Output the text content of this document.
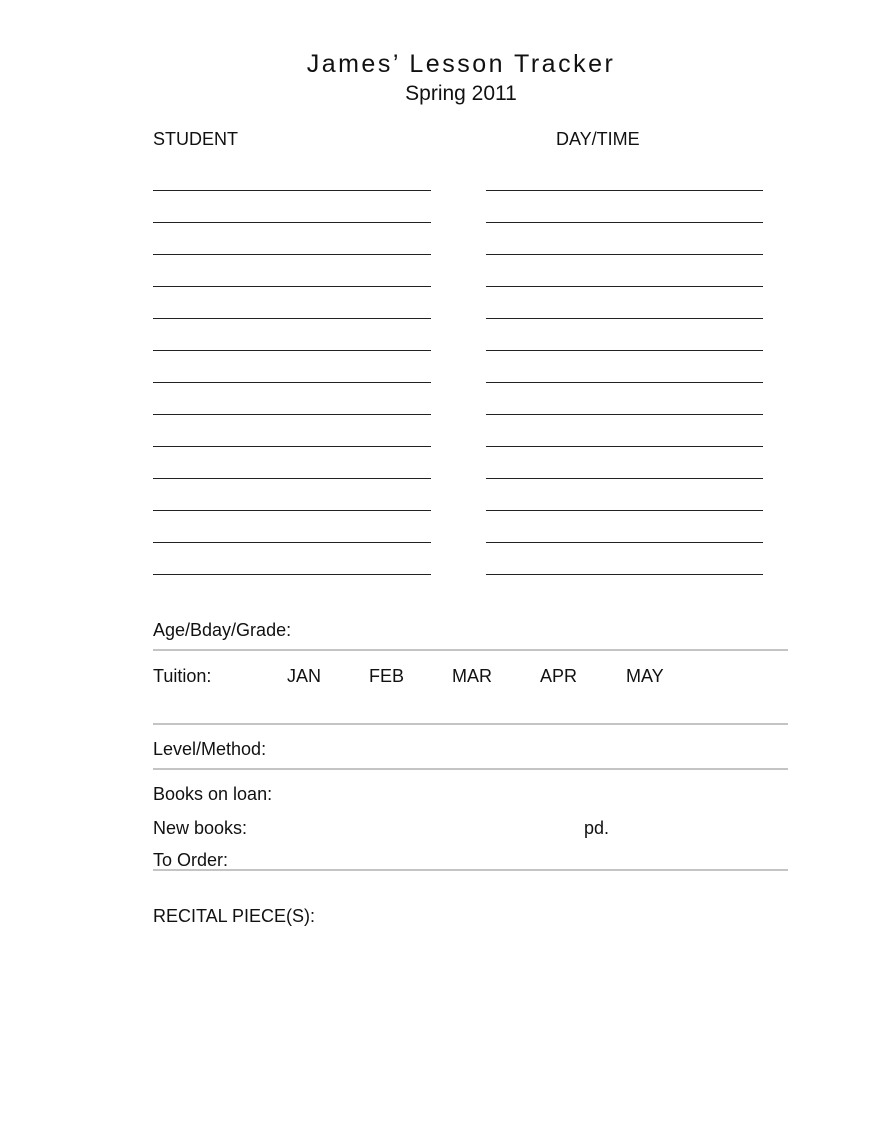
James’ Lesson Tracker
Spring 2011
STUDENT	DAY/TIME
Age/Bday/Grade:
Tuition:	JAN	FEB	MAR	APR	MAY
Level/Method:
Books on loan:
New books:	pd.
To Order:
RECITAL PIECE(S):
